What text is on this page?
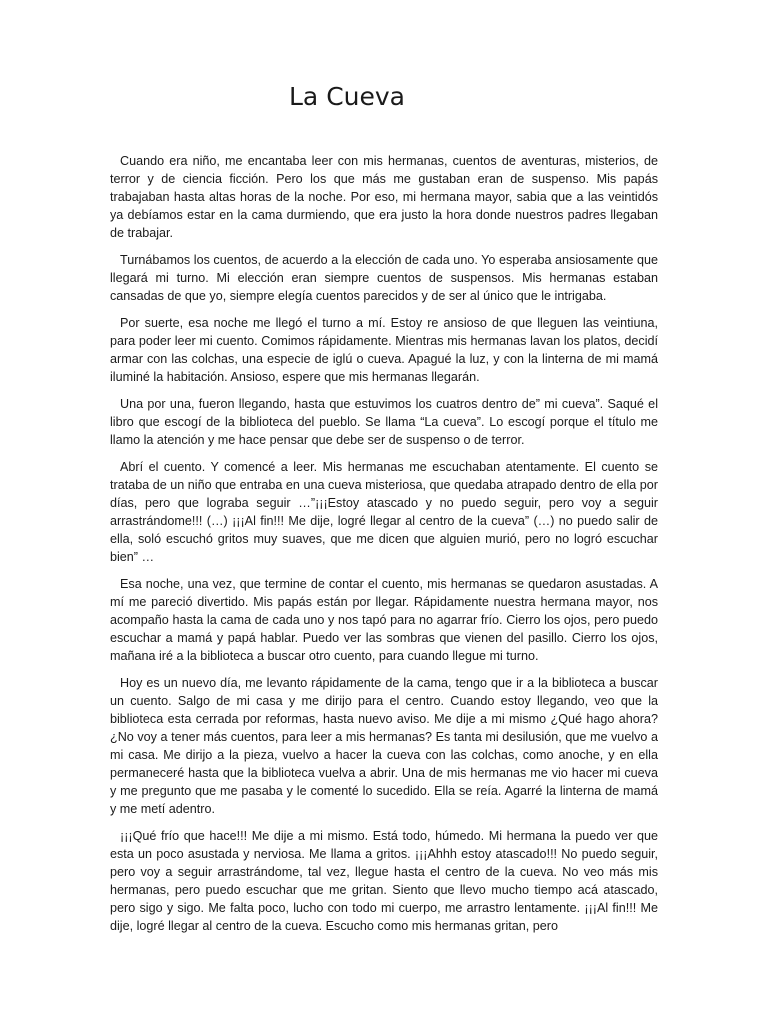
La Cueva

Cuando era niño, me encantaba leer con mis hermanas, cuentos de aventuras, misterios, de terror y de ciencia ficción. Pero los que más me gustaban eran de suspenso. Mis papás trabajaban hasta altas horas de la noche. Por eso, mi hermana mayor, sabia que a las veintidós ya debíamos estar en la cama durmiendo, que era justo la hora donde nuestros padres llegaban de trabajar.

Turnábamos los cuentos, de acuerdo a la elección de cada uno. Yo esperaba ansiosamente que llegará mi turno. Mi elección eran siempre cuentos de suspensos. Mis hermanas estaban cansadas de que yo, siempre elegía cuentos parecidos y de ser al único que le intrigaba.

Por suerte, esa noche me llegó el turno a mí. Estoy re ansioso de que lleguen las veintiuna, para poder leer mi cuento. Comimos rápidamente. Mientras mis hermanas lavan los platos, decidí armar con las colchas, una especie de iglú o cueva. Apagué la luz, y con la linterna de mi mamá iluminé la habitación. Ansioso, espere que mis hermanas llegarán.

Una por una, fueron llegando, hasta que estuvimos los cuatros dentro de” mi cueva”. Saqué el libro que escogí de la biblioteca del pueblo. Se llama “La cueva”. Lo escogí porque el título me llamo la atención y me hace pensar que debe ser de suspenso o de terror.

Abrí el cuento. Y comencé a leer. Mis hermanas me escuchaban atentamente. El cuento se trataba de un niño que entraba en una cueva misteriosa, que quedaba atrapado dentro de ella por días, pero que lograba seguir …”¡¡¡Estoy atascado y no puedo seguir, pero voy a seguir arrastrándome!!! (…) ¡¡¡Al fin!!! Me dije, logré llegar al centro de la cueva” (…) no puedo salir de ella, soló escuchó gritos muy suaves, que me dicen que alguien murió, pero no logró escuchar bien” …

Esa noche, una vez, que termine de contar el cuento, mis hermanas se quedaron asustadas. A mí me pareció divertido. Mis papás están por llegar. Rápidamente nuestra hermana mayor, nos acompaño hasta la cama de cada uno y nos tapó para no agarrar frío. Cierro los ojos, pero puedo escuchar a mamá y papá hablar. Puedo ver las sombras que vienen del pasillo. Cierro los ojos, mañana iré a la biblioteca a buscar otro cuento, para cuando llegue mi turno.

Hoy es un nuevo día, me levanto rápidamente de la cama, tengo que ir a la biblioteca a buscar un cuento. Salgo de mi casa y me dirijo para el centro. Cuando estoy llegando, veo que la biblioteca esta cerrada por reformas, hasta nuevo aviso. Me dije a mi mismo ¿Qué hago ahora? ¿No voy a tener más cuentos, para leer a mis hermanas? Es tanta mi desilusión, que me vuelvo a mi casa. Me dirijo a la pieza, vuelvo a hacer la cueva con las colchas, como anoche, y en ella permaneceré hasta que la biblioteca vuelva a abrir. Una de mis hermanas me vio hacer mi cueva y me pregunto que me pasaba y le comenté lo sucedido. Ella se reía. Agarré la linterna de mamá y me metí adentro.

¡¡¡Qué frío que hace!!! Me dije a mi mismo. Está todo, húmedo. Mi hermana la puedo ver que esta un poco asustada y nerviosa. Me llama a gritos. ¡¡¡Ahhh estoy atascado!!! No puedo seguir, pero voy a seguir arrastrándome, tal vez, llegue hasta el centro de la cueva. No veo más mis hermanas, pero puedo escuchar que me gritan. Siento que llevo mucho tiempo acá atascado, pero sigo y sigo. Me falta poco, lucho con todo mi cuerpo, me arrastro lentamente. ¡¡¡Al fin!!! Me dije, logré llegar al centro de la cueva. Escucho como mis hermanas gritan, pero
